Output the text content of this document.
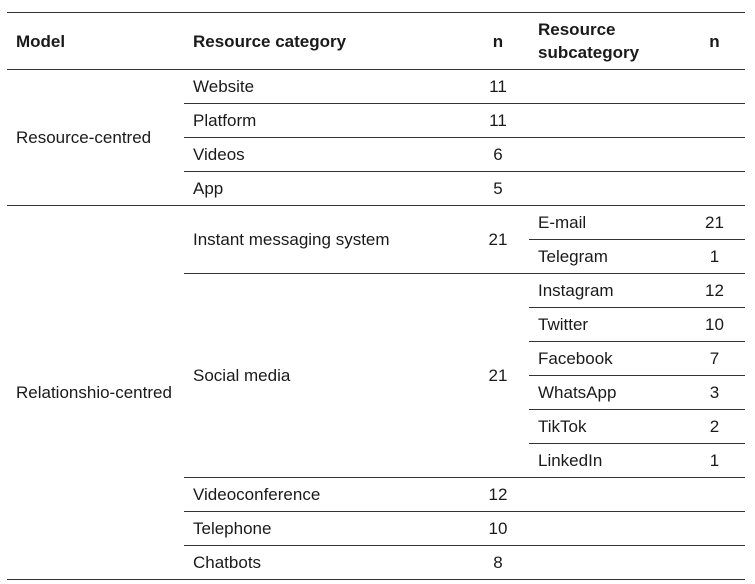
Model	Resource category	n	Resource subcategory	n
Resource-centred	Website	11		
	Platform	11		
	Videos	6		
	App	5		
Relationshio-centred	Instant messaging system	21	E-mail	21
			Telegram	1
	Social media	21	Instagram	12
			Twitter	10
			Facebook	7
			WhatsApp	3
			TikTok	2
			LinkedIn	1
	Videoconference	12		
	Telephone	10		
	Chatbots	8		
